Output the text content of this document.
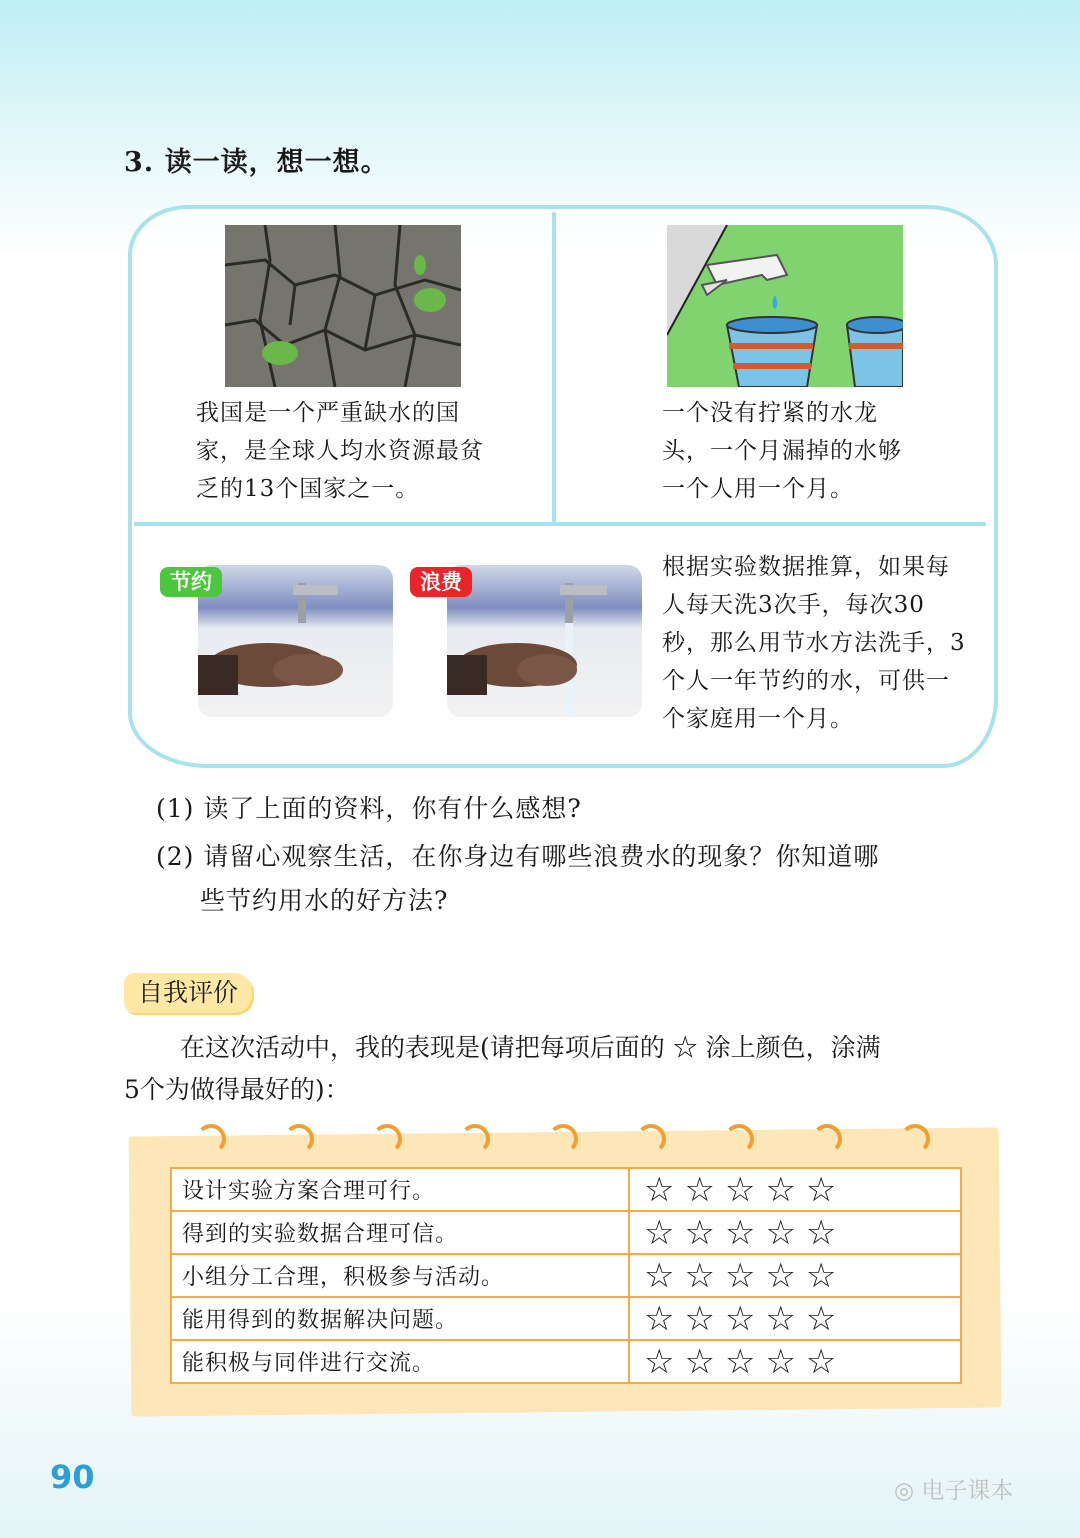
3. 读一读，想一想。
我国是一个严重缺水的国家，是全球人均水资源最贫乏的13个国家之一。
一个没有拧紧的水龙头，一个月漏掉的水够一个人用一个月。
节约	浪费
根据实验数据推算，如果每人每天洗3次手，每次30秒，那么用节水方法洗手，3个人一年节约的水，可供一个家庭用一个月。
(1) 读了上面的资料，你有什么感想?
(2) 请留心观察生活，在你身边有哪些浪费水的现象？你知道哪
些节约用水的好方法?
自我评价
在这次活动中，我的表现是(请把每项后面的 ☆ 涂上颜色，涂满
5个为做得最好的)：
设计实验方案合理可行。	☆☆☆☆☆
得到的实验数据合理可信。	☆☆☆☆☆
小组分工合理，积极参与活动。	☆☆☆☆☆
能用得到的数据解决问题。	☆☆☆☆☆
能积极与同伴进行交流。	☆☆☆☆☆
90	◎ 电子课本
